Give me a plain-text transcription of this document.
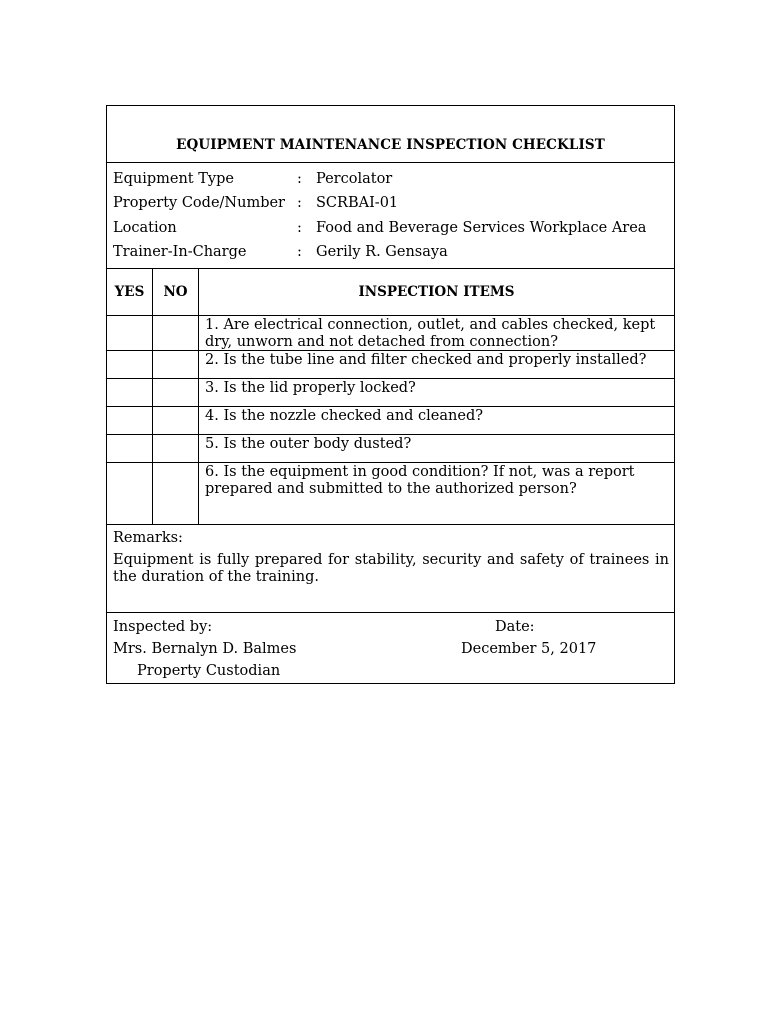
EQUIPMENT MAINTENANCE INSPECTION CHECKLIST
Equipment Type	: Percolator
Property Code/Number : SCRBAI-01
Location	: Food and Beverage Services Workplace Area
Trainer-In-Charge	: Gerily R. Gensaya
YES	NO	INSPECTION ITEMS
1. Are electrical connection, outlet, and cables checked, kept dry, unworn and not detached from connection?
2. Is the tube line and filter checked and properly installed?
3. Is the lid properly locked?
4. Is the nozzle checked and cleaned?
5. Is the outer body dusted?
6. Is the equipment in good condition? If not, was a report prepared and submitted to the authorized person?
Remarks:
Equipment is fully prepared for stability, security and safety of trainees in the duration of the training.
Inspected by:
Mrs. Bernalyn D. Balmes
Property Custodian
Date:
December 5, 2017
